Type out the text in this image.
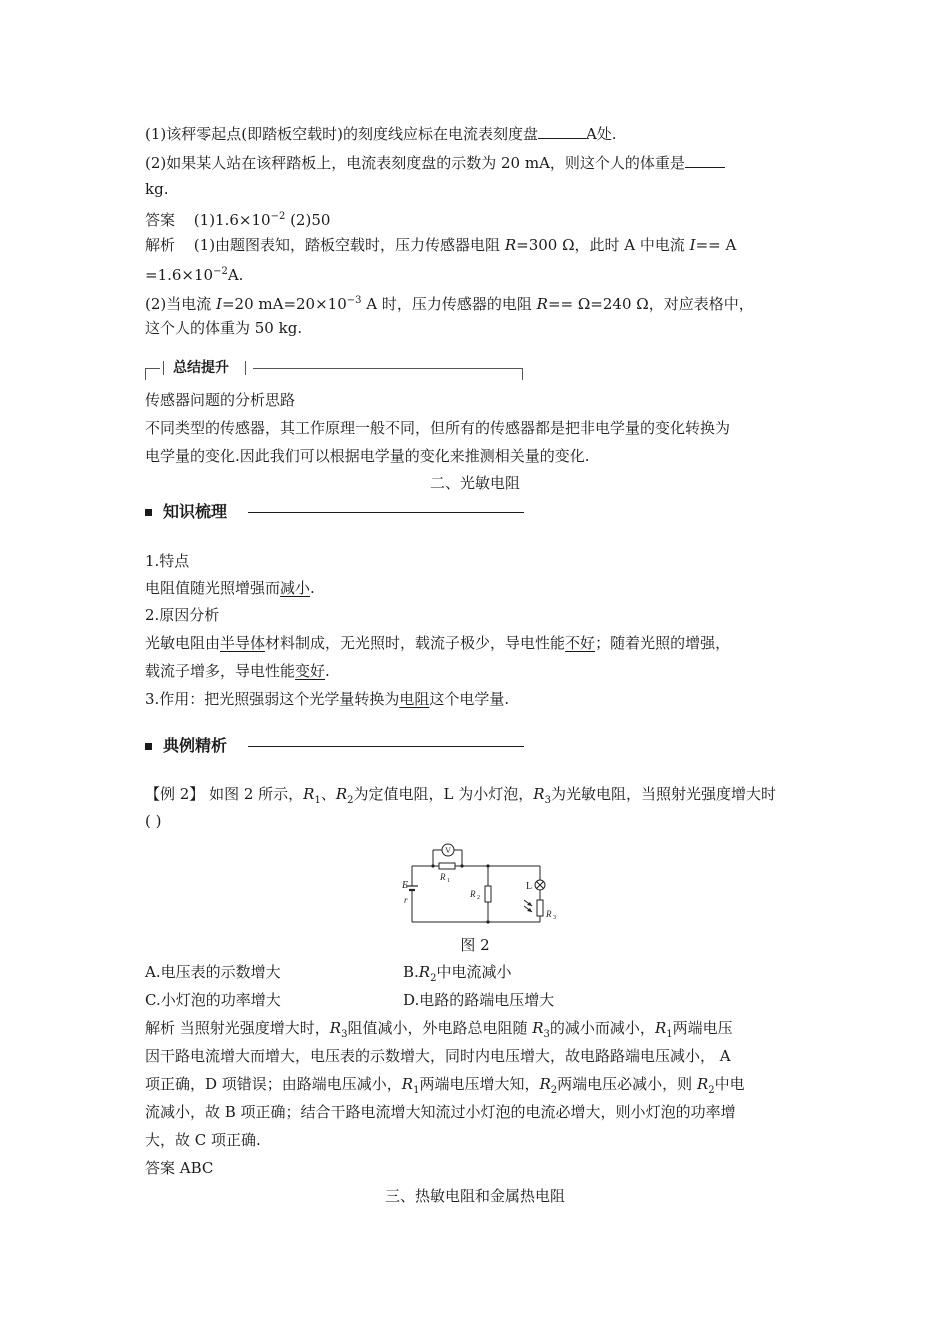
(1)该秤零起点(即踏板空载时)的刻度线应标在电流表刻度盘	A处.
(2)如果某人站在该秤踏板上，电流表刻度盘的示数为 20 mA，则这个人的体重是
kg.
答案 $(1)1.6\times 10^{-2}$ (2)50
解析 (1)由题图表知，踏板空载时，压力传感器电阻 R=300 Ω，此时 A 中电流 I== A
$=1.6\times 10^{-2}A$.
(2)当电流 I=20 $mA=20\times 10^{-3}$ A 时，压力传感器的电阻 R== Ω=240 Ω，对应表格中，
这个人的体重为 50 kg.
总结提升
传感器问题的分析思路
不同类型的传感器，其工作原理一般不同，但所有的传感器都是把非电学量的变化转换为
电学量的变化.因此我们可以根据电学量的变化来推测相关量的变化.
二、光敏电阻
知识梳理
1.特点
电阻值随光照增强而减小.
2.原因分析
光敏电阻由半导体材料制成，无光照时，载流子极少，导电性能不好；随着光照的增强，
载流子增多，导电性能变好.
3.作用：把光照强弱这个光学量转换为电阻这个电学量.
典例精析
【例 2】 如图 2 所示，$R_1$、$R_2$为定值电阻，L 为小灯泡，$R_3$为光敏电阻，当照射光强度增大时
( )
V
R 1
R 2
R 3
E
r
L
图 2
A.电压表的示数增大	$B.R_2$中电流减小
C.小灯泡的功率增大	D.电路的路端电压增大
解析 当照射光强度增大时，$R_3$阻值减小，外电路总电阻随 $R_3$的减小而减小，$R_1$两端电压
因干路电流增大而增大，电压表的示数增大，同时内电压增大，故电路路端电压减小， A
项正确，D 项错误；由路端电压减小，$R_1$两端电压增大知，$R_2$两端电压必减小，则 $R_2$中电
流减小，故 B 项正确；结合干路电流增大知流过小灯泡的电流必增大，则小灯泡的功率增
大，故 C 项正确.
答案 ABC
三、热敏电阻和金属热电阻
